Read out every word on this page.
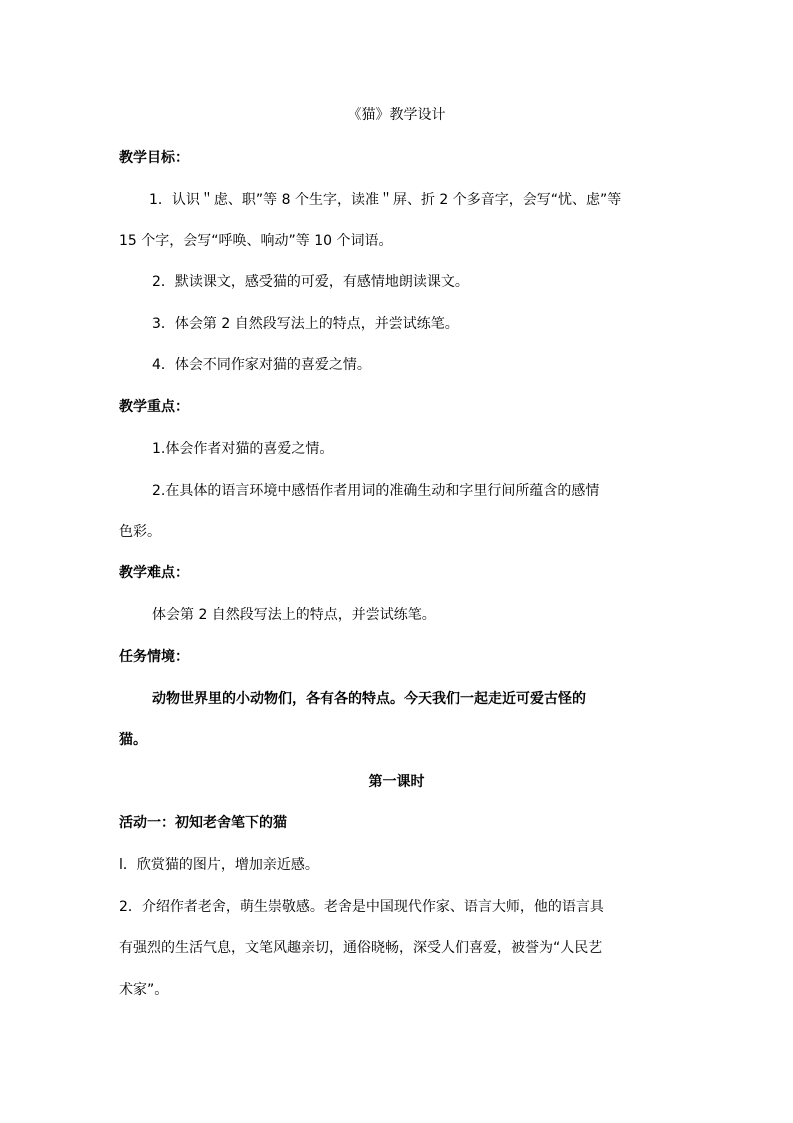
《猫》教学设计
教学目标：
1．认识＂虑、职”等 8 个生字，读准＂屏、折 2 个多音字，会写“忧、虑”等
15 个字，会写“呼唤、响动”等 10 个词语。
2．默读课文，感受猫的可爱，有感情地朗读课文。
3．体会第 2 自然段写法上的特点，并尝试练笔。
4．体会不同作家对猫的喜爱之情。
教学重点：
1.体会作者对猫的喜爱之情。
2.在具体的语言环境中感悟作者用词的准确生动和字里行间所蕴含的感情
色彩。
教学难点：
体会第 2 自然段写法上的特点，并尝试练笔。
任务情境：
动物世界里的小动物们，各有各的特点。今天我们一起走近可爱古怪的
猫。
第一课时
活动一：初知老舍笔下的猫
l．欣赏猫的图片，增加亲近感。
2．介绍作者老舍，萌生崇敬感。老舍是中国现代作家、语言大师，他的语言具
有强烈的生活气息，文笔风趣亲切，通俗晓畅，深受人们喜爱，被誉为“人民艺
术家”。
